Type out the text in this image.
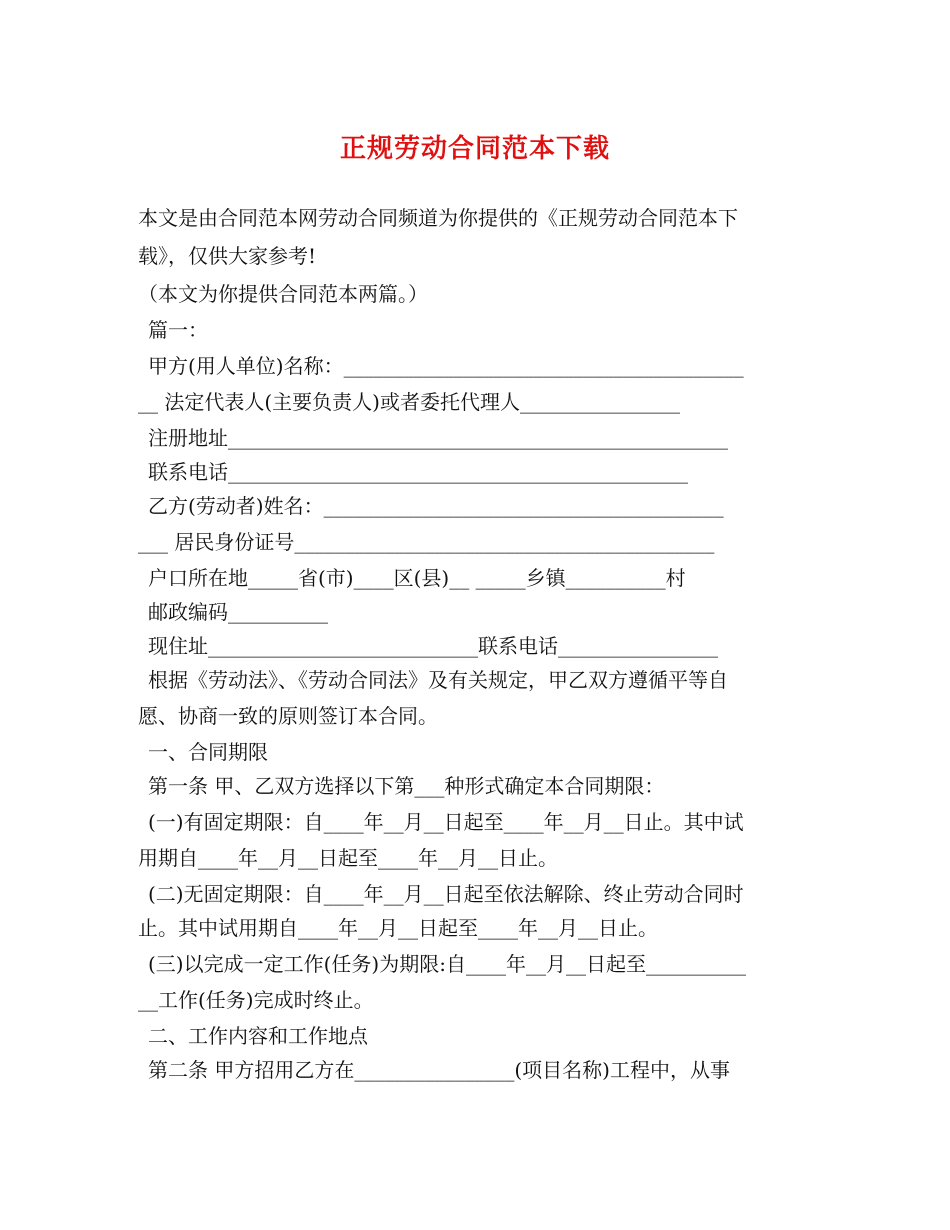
正规劳动合同范本下载
本文是由合同范本网劳动合同频道为你提供的《正规劳动合同范本下
载》，仅供大家参考!
（本文为你提供合同范本两篇。）
篇一：
甲方(用人单位)名称：________________________________________
__ 法定代表人(主要负责人)或者委托代理人________________
注册地址__________________________________________________
联系电话______________________________________________
乙方(劳动者)姓名：________________________________________
___ 居民身份证号__________________________________________
户口所在地_____省(市)____区(县)__ _____乡镇__________村
邮政编码__________
现住址___________________________联系电话________________
根据《劳动法》、《劳动合同法》及有关规定，甲乙双方遵循平等自
愿、协商一致的原则签订本合同。
一、合同期限
第一条 甲、乙双方选择以下第___种形式确定本合同期限：
(一)有固定期限：自____年__月__日起至____年__月__日止。其中试
用期自____年__月__日起至____年__月__日止。
(二)无固定期限：自____年__月__日起至依法解除、终止劳动合同时
止。其中试用期自____年__月__日起至____年__月__日止。
(三)以完成一定工作(任务)为期限:自____年__月__日起至__________
__工作(任务)完成时终止。
二、工作内容和工作地点
第二条 甲方招用乙方在________________(项目名称)工程中，从事
